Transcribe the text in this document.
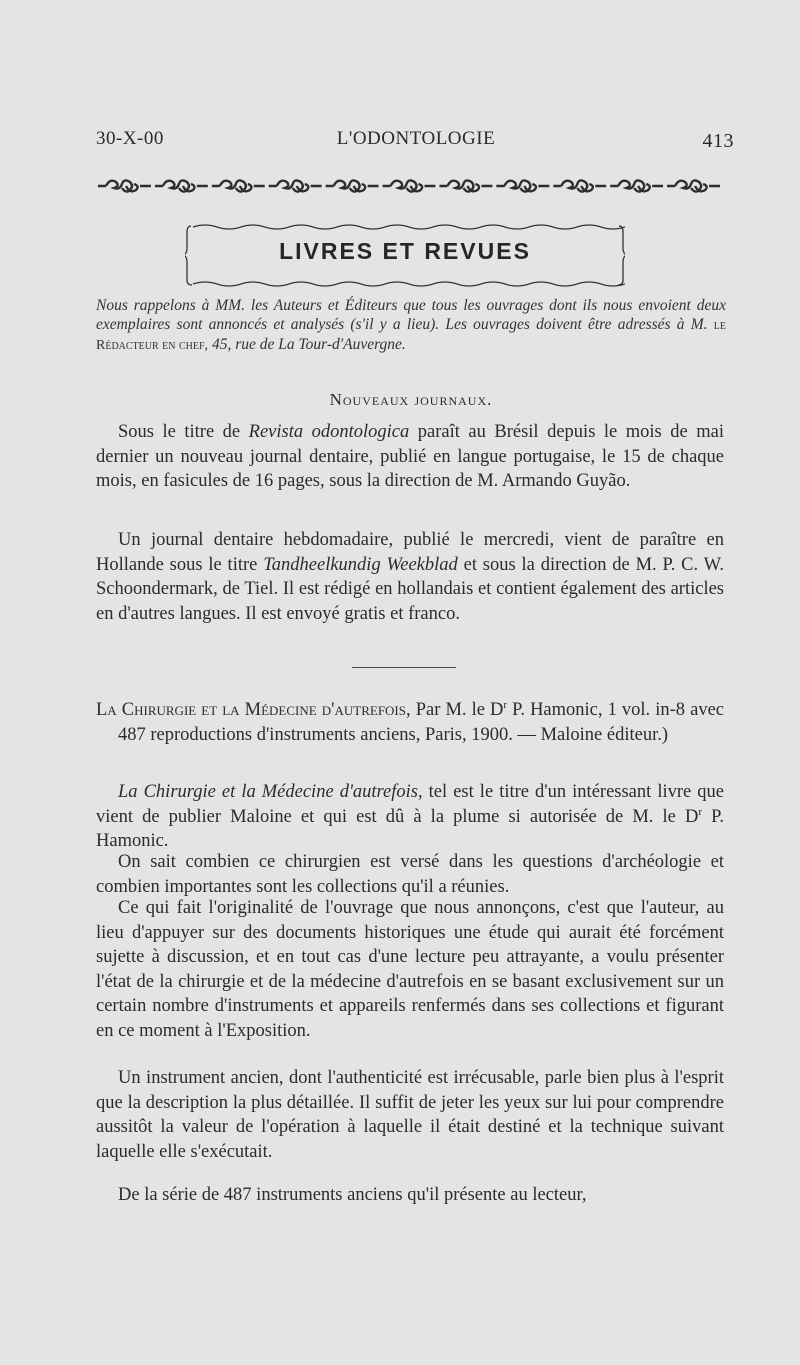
30-X-00	L'ODONTOLOGIE	413
LIVRES ET REVUES
Nous rappelons à MM. les Auteurs et Éditeurs que tous les ouvrages dont ils nous envoient deux exemplaires sont annoncés et analysés (s'il y a lieu). Les ouvrages doivent être adressés à M. le Rédacteur en chef, 45, rue de La Tour-d'Auvergne.
Nouveaux journaux.

Sous le titre de Revista odontologica paraît au Brésil depuis le mois de mai dernier un nouveau journal dentaire, publié en langue portugaise, le 15 de chaque mois, en fasicules de 16 pages, sous la direction de M. Armando Guyão.

Un journal dentaire hebdomadaire, publié le mercredi, vient de paraître en Hollande sous le titre Tandheelkundig Weekblad et sous la direction de M. P. C. W. Schoondermark, de Tiel. Il est rédigé en hollandais et contient également des articles en d'autres langues. Il est envoyé gratis et franco.

La Chirurgie et la Médecine d'autrefois, Par M. le $D^r$ P. Hamonic, 1 vol. in-8 avec 487 reproductions d'instruments anciens, Paris, 1900. — Maloine éditeur.)

La Chirurgie et la Médecine d'autrefois, tel est le titre d'un intéressant livre que vient de publier Maloine et qui est dû à la plume si autorisée de M. le $D^r$ P. Hamonic.

On sait combien ce chirurgien est versé dans les questions d'archéologie et combien importantes sont les collections qu'il a réunies.

Ce qui fait l'originalité de l'ouvrage que nous annonçons, c'est que l'auteur, au lieu d'appuyer sur des documents historiques une étude qui aurait été forcément sujette à discussion, et en tout cas d'une lecture peu attrayante, a voulu présenter l'état de la chirurgie et de la médecine d'autrefois en se basant exclusivement sur un certain nombre d'instruments et appareils renfermés dans ses collections et figurant en ce moment à l'Exposition.

Un instrument ancien, dont l'authenticité est irrécusable, parle bien plus à l'esprit que la description la plus détaillée. Il suffit de jeter les yeux sur lui pour comprendre aussitôt la valeur de l'opération à laquelle il était destiné et la technique suivant laquelle elle s'exécutait.

De la série de 487 instruments anciens qu'il présente au lecteur,
